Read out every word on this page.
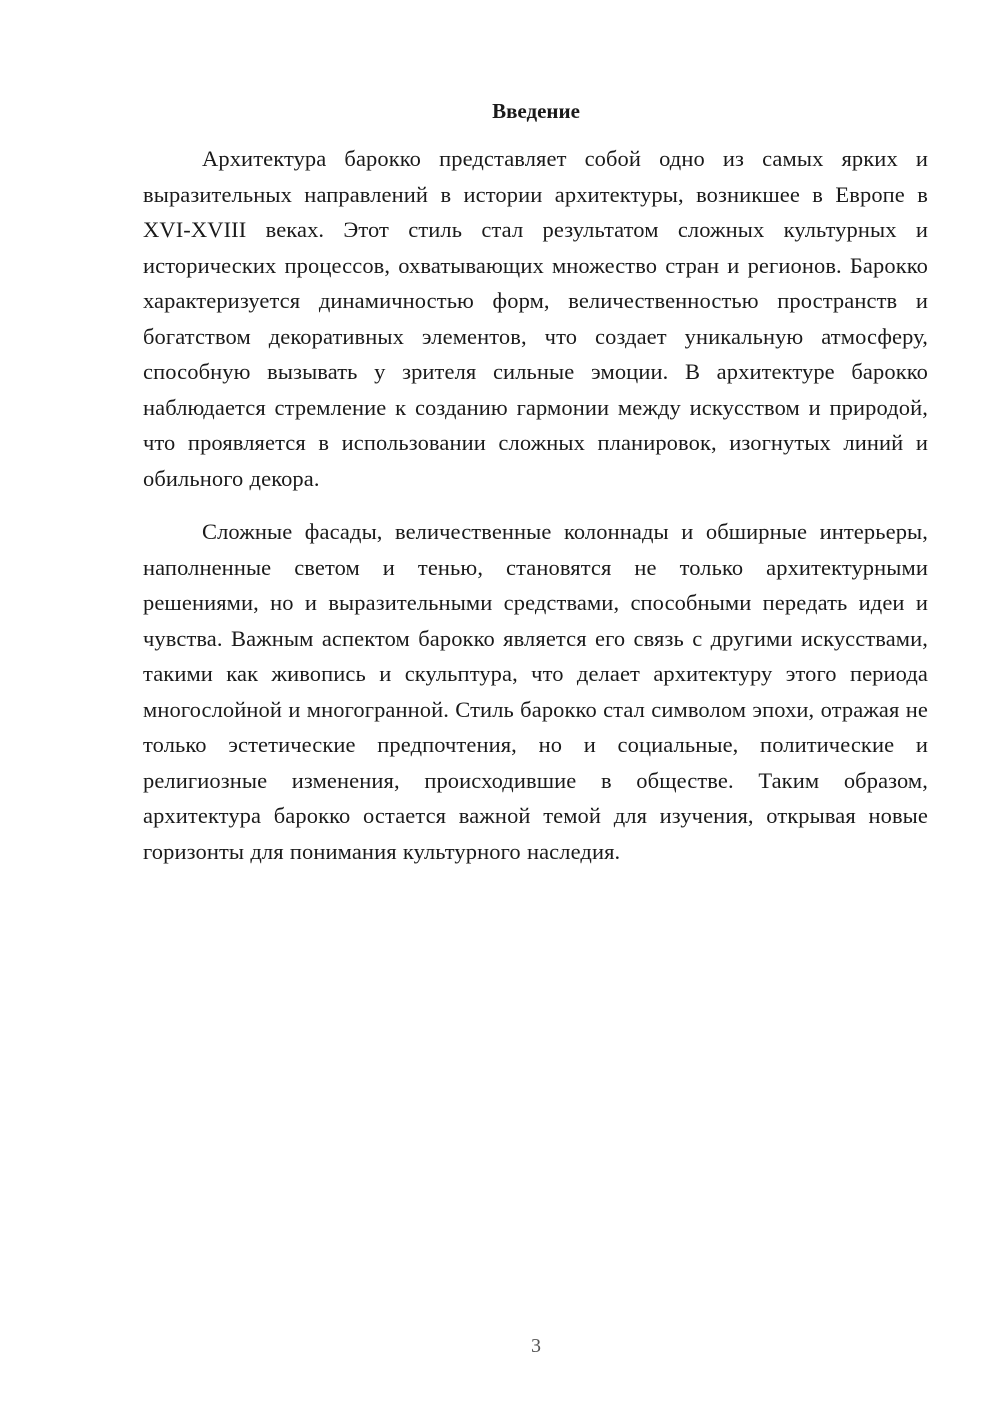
Введение

Архитектура барокко представляет собой одно из самых ярких и выразительных направлений в истории архитектуры, возникшее в Европе в XVI-XVIII веках. Этот стиль стал результатом сложных культурных и исторических процессов, охватывающих множество стран и регионов. Барокко характеризуется динамичностью форм, величественностью пространств и богатством декоративных элементов, что создает уникальную атмосферу, способную вызывать у зрителя сильные эмоции. В архитектуре барокко наблюдается стремление к созданию гармонии между искусством и природой, что проявляется в использовании сложных планировок, изогнутых линий и обильного декора.

Сложные фасады, величественные колоннады и обширные интерьеры, наполненные светом и тенью, становятся не только архитектурными решениями, но и выразительными средствами, способными передать идеи и чувства. Важным аспектом барокко является его связь с другими искусствами, такими как живопись и скульптура, что делает архитектуру этого периода многослойной и многогранной. Стиль барокко стал символом эпохи, отражая не только эстетические предпочтения, но и социальные, политические и религиозные изменения, происходившие в обществе. Таким образом, архитектура барокко остается важной темой для изучения, открывая новые горизонты для понимания культурного наследия.

3
